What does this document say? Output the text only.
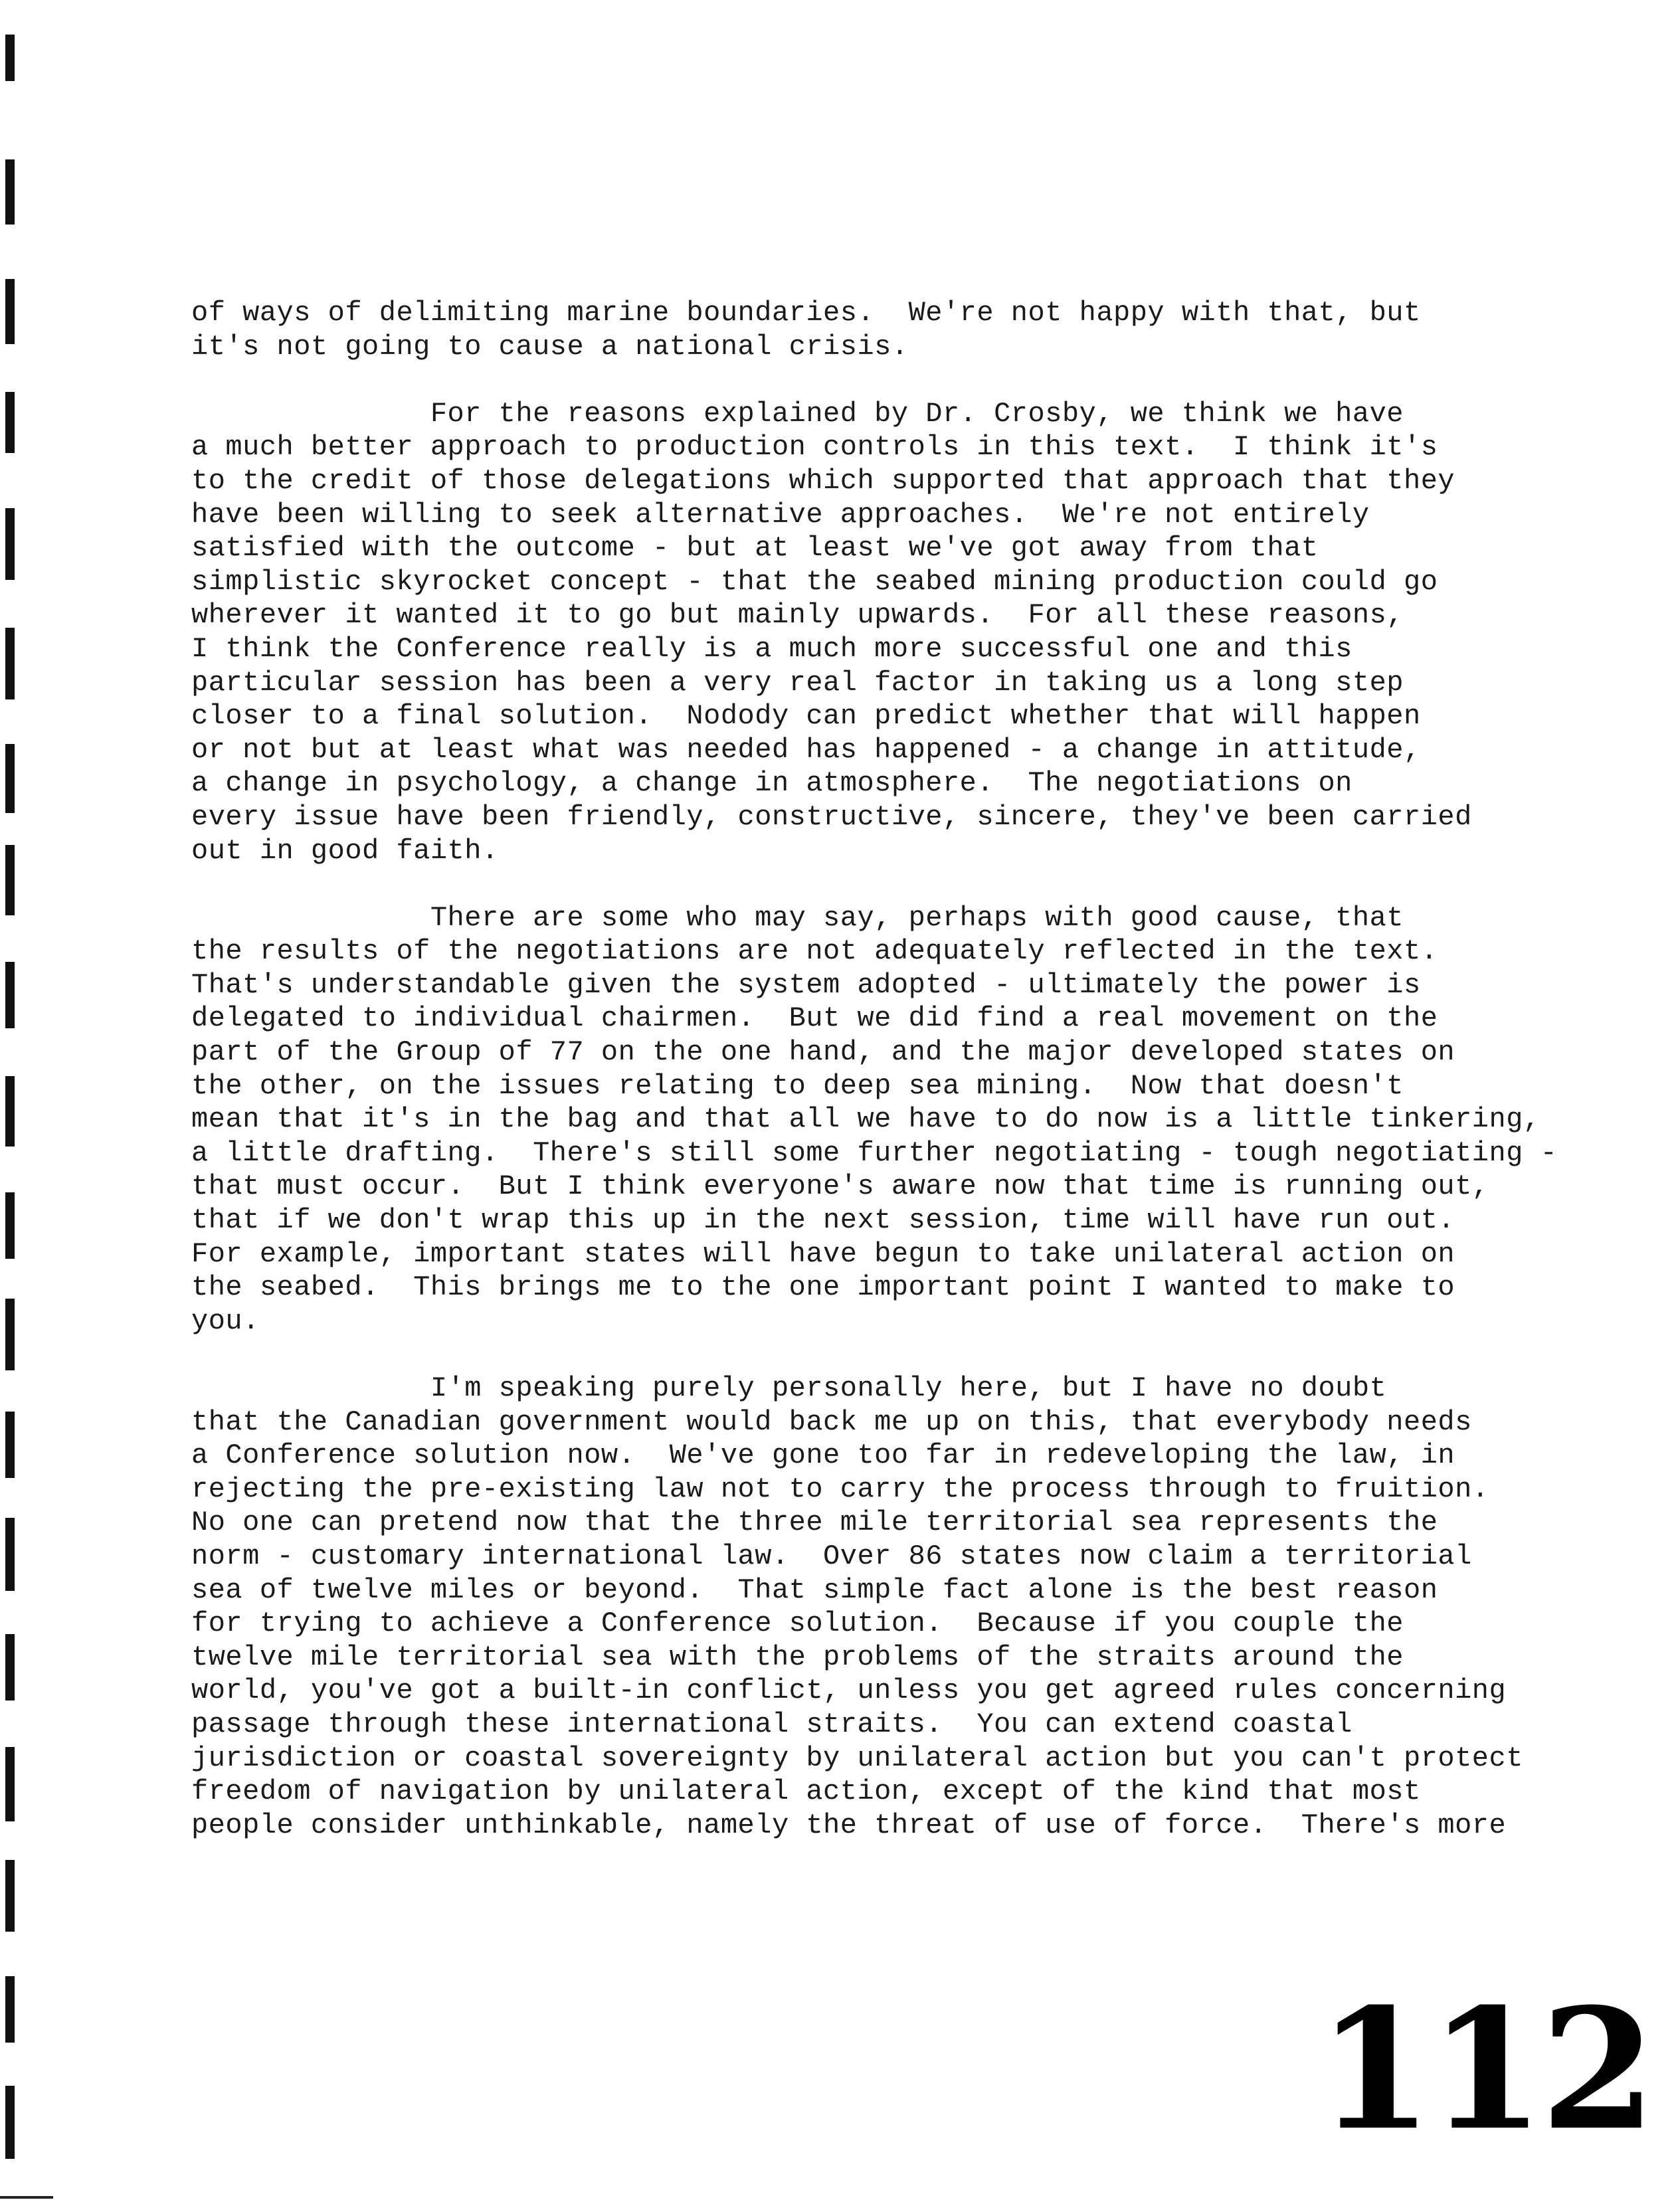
of ways of delimiting marine boundaries.  We're not happy with that, but
it's not going to cause a national crisis.
For the reasons explained by Dr. Crosby, we think we have
a much better approach to production controls in this text.  I think it's
to the credit of those delegations which supported that approach that they
have been willing to seek alternative approaches.  We're not entirely
satisfied with the outcome - but at least we've got away from that
simplistic skyrocket concept - that the seabed mining production could go
wherever it wanted it to go but mainly upwards.  For all these reasons,
I think the Conference really is a much more successful one and this
particular session has been a very real factor in taking us a long step
closer to a final solution.  Nodody can predict whether that will happen
or not but at least what was needed has happened - a change in attitude,
a change in psychology, a change in atmosphere.  The negotiations on
every issue have been friendly, constructive, sincere, they've been carried
out in good faith.
There are some who may say, perhaps with good cause, that
the results of the negotiations are not adequately reflected in the text.
That's understandable given the system adopted - ultimately the power is
delegated to individual chairmen.  But we did find a real movement on the
part of the Group of 77 on the one hand, and the major developed states on
the other, on the issues relating to deep sea mining.  Now that doesn't
mean that it's in the bag and that all we have to do now is a little tinkering,
a little drafting.  There's still some further negotiating - tough negotiating -
that must occur.  But I think everyone's aware now that time is running out,
that if we don't wrap this up in the next session, time will have run out.
For example, important states will have begun to take unilateral action on
the seabed.  This brings me to the one important point I wanted to make to
you.
I'm speaking purely personally here, but I have no doubt
that the Canadian government would back me up on this, that everybody needs
a Conference solution now.  We've gone too far in redeveloping the law, in
rejecting the pre-existing law not to carry the process through to fruition.
No one can pretend now that the three mile territorial sea represents the
norm - customary international law.  Over 86 states now claim a territorial
sea of twelve miles or beyond.  That simple fact alone is the best reason
for trying to achieve a Conference solution.  Because if you couple the
twelve mile territorial sea with the problems of the straits around the
world, you've got a built-in conflict, unless you get agreed rules concerning
passage through these international straits.  You can extend coastal
jurisdiction or coastal sovereignty by unilateral action but you can't protect
freedom of navigation by unilateral action, except of the kind that most
people consider unthinkable, namely the threat of use of force.  There's more
112
